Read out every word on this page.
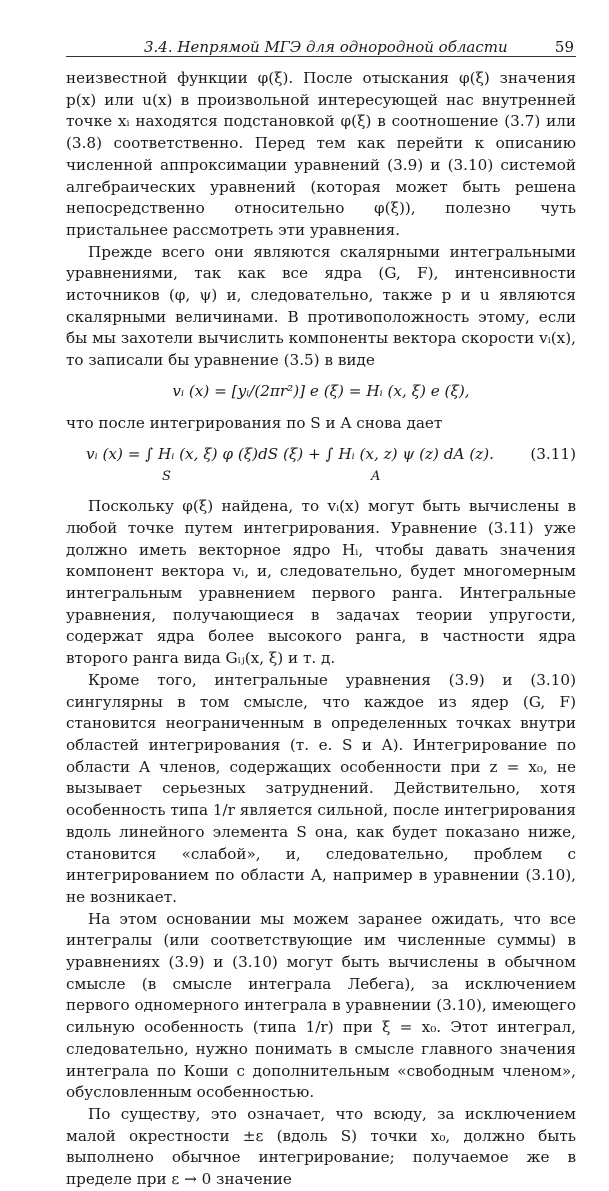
3.4. Непрямой МГЭ для однородной области	59

неизвестной функции φ(ξ). После отыскания φ(ξ) значения p(x) или u(x) в произвольной интересующей нас внутренней точке xᵢ находятся подстановкой φ(ξ) в соотношение (3.7) или (3.8) соответственно. Перед тем как перейти к описанию численной аппроксимации уравнений (3.9) и (3.10) системой алгебраических уравнений (которая может быть решена непосредственно относительно φ(ξ)), полезно чуть пристальнее рассмотреть эти уравнения.

Прежде всего они являются скалярными интегральными уравнениями, так как все ядра (G, F), интенсивности источников (φ, ψ) и, следовательно, также p и u являются скалярными величинами. В противоположность этому, если бы мы захотели вычислить компоненты вектора скорости vᵢ(x), то записали бы уравнение (3.5) в виде

vᵢ (x) = [yᵢ/(2πr²)] e (ξ) = Hᵢ (x, ξ) e (ξ),

что после интегрирования по S и A снова дает

vᵢ (x) = ∫ Hᵢ (x, ξ) φ (ξ)dS (ξ) + ∫ Hᵢ (x, z) ψ (z) dA (z).
S	A
(3.11)

Поскольку φ(ξ) найдена, то vᵢ(x) могут быть вычислены в любой точке путем интегрирования. Уравнение (3.11) уже должно иметь векторное ядро Hᵢ, чтобы давать значения компонент вектора vᵢ, и, следовательно, будет многомерным интегральным уравнением первого ранга. Интегральные уравнения, получающиеся в задачах теории упругости, содержат ядра более высокого ранга, в частности ядра второго ранга вида Gᵢⱼ(x, ξ) и т. д.

Кроме того, интегральные уравнения (3.9) и (3.10) сингулярны в том смысле, что каждое из ядер (G, F) становится неограниченным в определенных точках внутри областей интегрирования (т. е. S и A). Интегрирование по области A членов, содержащих особенности при z = x₀, не вызывает серьезных затруднений. Действительно, хотя особенность типа 1/r является сильной, после интегрирования вдоль линейного элемента S она, как будет показано ниже, становится «слабой», и, следовательно, проблем с интегрированием по области A, например в уравнении (3.10), не возникает.

На этом основании мы можем заранее ожидать, что все интегралы (или соответствующие им численные суммы) в уравнениях (3.9) и (3.10) могут быть вычислены в обычном смысле (в смысле интеграла Лебега), за исключением первого одномерного интеграла в уравнении (3.10), имеющего сильную особенность (типа 1/r) при ξ = x₀. Этот интеграл, следовательно, нужно понимать в смысле главного значения интеграла по Коши с дополнительным «свободным членом», обусловленным особенностью.

По существу, это означает, что всюду, за исключением малой окрестности ±ε (вдоль S) точки x₀, должно быть выполнено обычное интегрирование; получаемое же в пределе при ε → 0 значение
